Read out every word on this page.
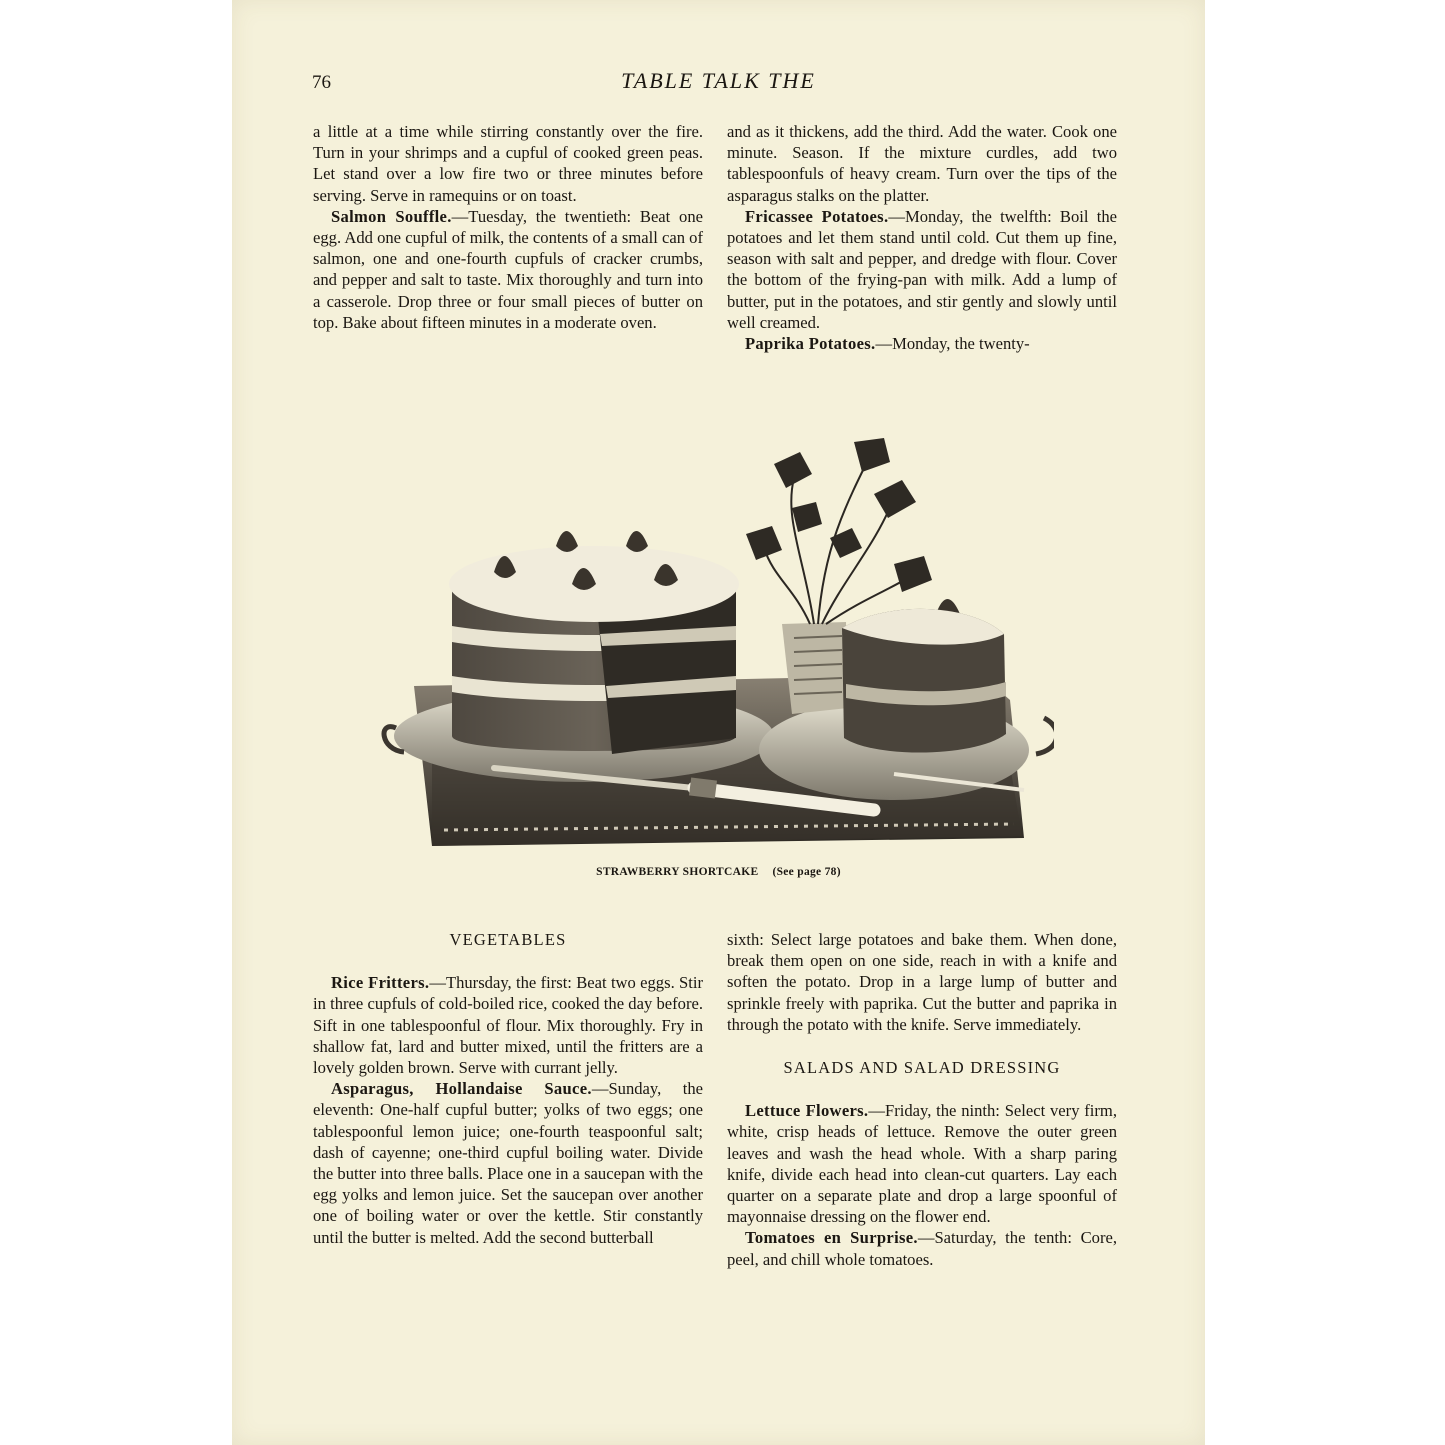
76	TABLE TALK THE

a little at a time while stirring constantly over the fire. Turn in your shrimps and a cupful of cooked green peas. Let stand over a low fire two or three minutes before serving. Serve in ramequins or on toast.

Salmon Souffle.—Tuesday, the twentieth: Beat one egg. Add one cupful of milk, the contents of a small can of salmon, one and one-fourth cupfuls of cracker crumbs, and pepper and salt to taste. Mix thoroughly and turn into a casserole. Drop three or four small pieces of butter on top. Bake about fifteen minutes in a moderate oven.

and as it thickens, add the third. Add the water. Cook one minute. Season. If the mixture curdles, add two tablespoonfuls of heavy cream. Turn over the tips of the asparagus stalks on the platter.

Fricassee Potatoes.—Monday, the twelfth: Boil the potatoes and let them stand until cold. Cut them up fine, season with salt and pepper, and dredge with flour. Cover the bottom of the frying-pan with milk. Add a lump of butter, put in the potatoes, and stir gently and slowly until well creamed.

Paprika Potatoes.—Monday, the twenty-

STRAWBERRY SHORTCAKE (See page 78)
VEGETABLES

Rice Fritters.—Thursday, the first: Beat two eggs. Stir in three cupfuls of cold-boiled rice, cooked the day before. Sift in one tablespoonful of flour. Mix thoroughly. Fry in shallow fat, lard and butter mixed, until the fritters are a lovely golden brown. Serve with currant jelly.

Asparagus, Hollandaise Sauce.—Sunday, the eleventh: One-half cupful butter; yolks of two eggs; one tablespoonful lemon juice; one-fourth teaspoonful salt; dash of cayenne; one-third cupful boiling water. Divide the butter into three balls. Place one in a saucepan with the egg yolks and lemon juice. Set the saucepan over another one of boiling water or over the kettle. Stir constantly until the butter is melted. Add the second butterball

sixth: Select large potatoes and bake them. When done, break them open on one side, reach in with a knife and soften the potato. Drop in a large lump of butter and sprinkle freely with paprika. Cut the butter and paprika in through the potato with the knife. Serve immediately.

SALADS AND SALAD DRESSING

Lettuce Flowers.—Friday, the ninth: Select very firm, white, crisp heads of lettuce. Remove the outer green leaves and wash the head whole. With a sharp paring knife, divide each head into clean-cut quarters. Lay each quarter on a separate plate and drop a large spoonful of mayonnaise dressing on the flower end.

Tomatoes en Surprise.—Saturday, the tenth: Core, peel, and chill whole tomatoes.
